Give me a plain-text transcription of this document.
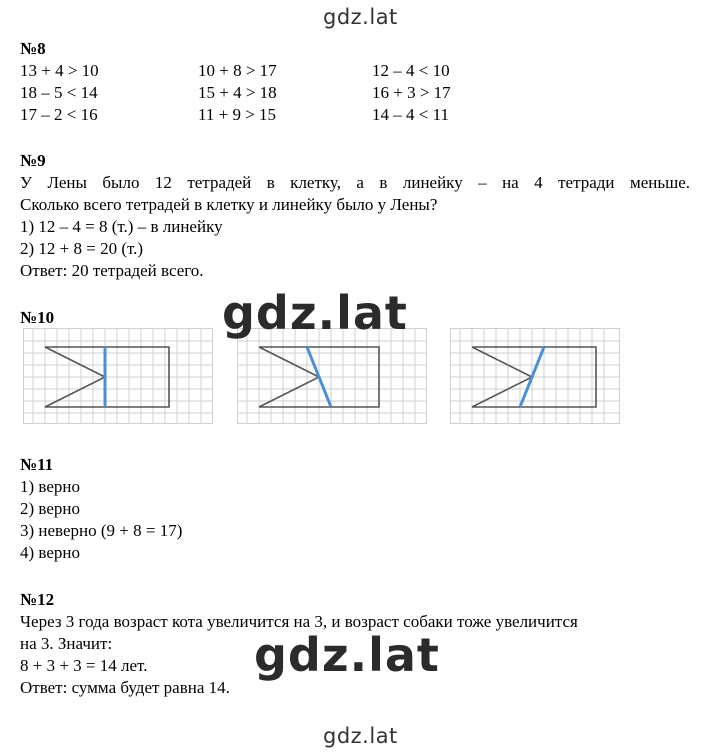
gdz.lat
№8
13 + 4 > 10	10 + 8 > 17	12 – 4 < 10
18 – 5 < 14	15 + 4 > 18	16 + 3 > 17
17 – 2 < 16	11 + 9 > 15	14 – 4 < 11
№9
У Лены было 12 тетрадей в клетку, а в линейку – на 4 тетради меньше.
Сколько всего тетрадей в клетку и линейку было у Лены?
1) 12 – 4 = 8 (т.) – в линейку
2) 12 + 8 = 20 (т.)
Ответ: 20 тетрадей всего.
№10	gdz.lat
№11
1) верно
2) верно
3) неверно (9 + 8 = 17)
4) верно
№12
Через 3 года возраст кота увеличится на 3, и возраст собаки тоже увеличится
на 3. Значит:
8 + 3 + 3 = 14 лет.
Ответ: сумма будет равна 14.
gdz.lat
gdz.lat
